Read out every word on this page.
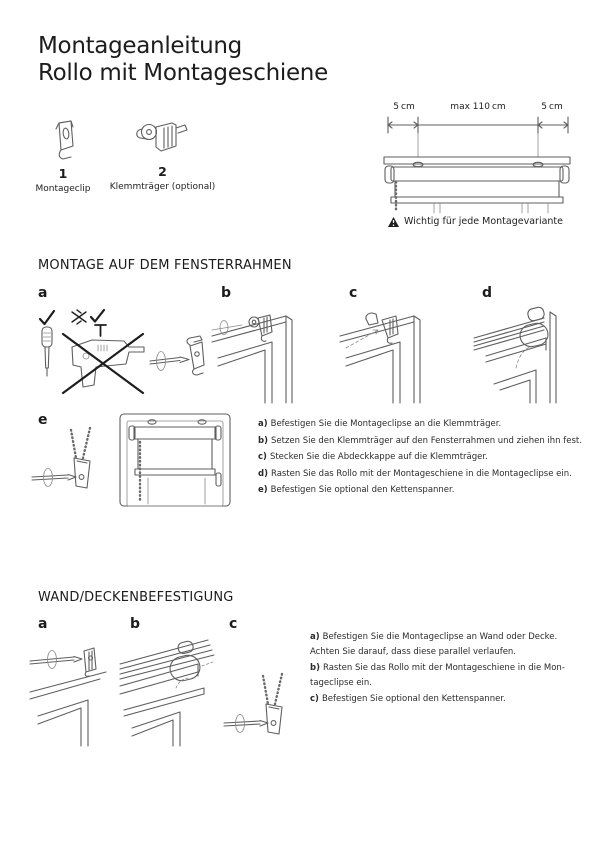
Montageanleitung
Rollo mit Montageschiene
1
Montageclip
2
Klemmträger (optional)
5 cm	max 110 cm	5 cm
Wichtig für jede Montagevariante
MONTAGE AUF DEM FENSTERRAHMEN
a	b	c	d
e	a) Befestigen Sie die Montageclipse an die Klemmträger.
b) Setzen Sie den Klemmträger auf den Fensterrahmen und ziehen ihn fest.
c) Stecken Sie die Abdeckkappe auf die Klemmträger.
d) Rasten Sie das Rollo mit der Montageschiene in die Montageclipse ein.
e) Befestigen Sie optional den Kettenspanner.
WAND/DECKENBEFESTIGUNG
a	b	c

a) Befestigen Sie die Montageclipse an Wand oder Decke. Achten Sie darauf, dass diese parallel verlaufen.

b) Rasten Sie das Rollo mit der Montageschiene in die Montageclipse ein.

c) Befestigen Sie optional den Kettenspanner.
